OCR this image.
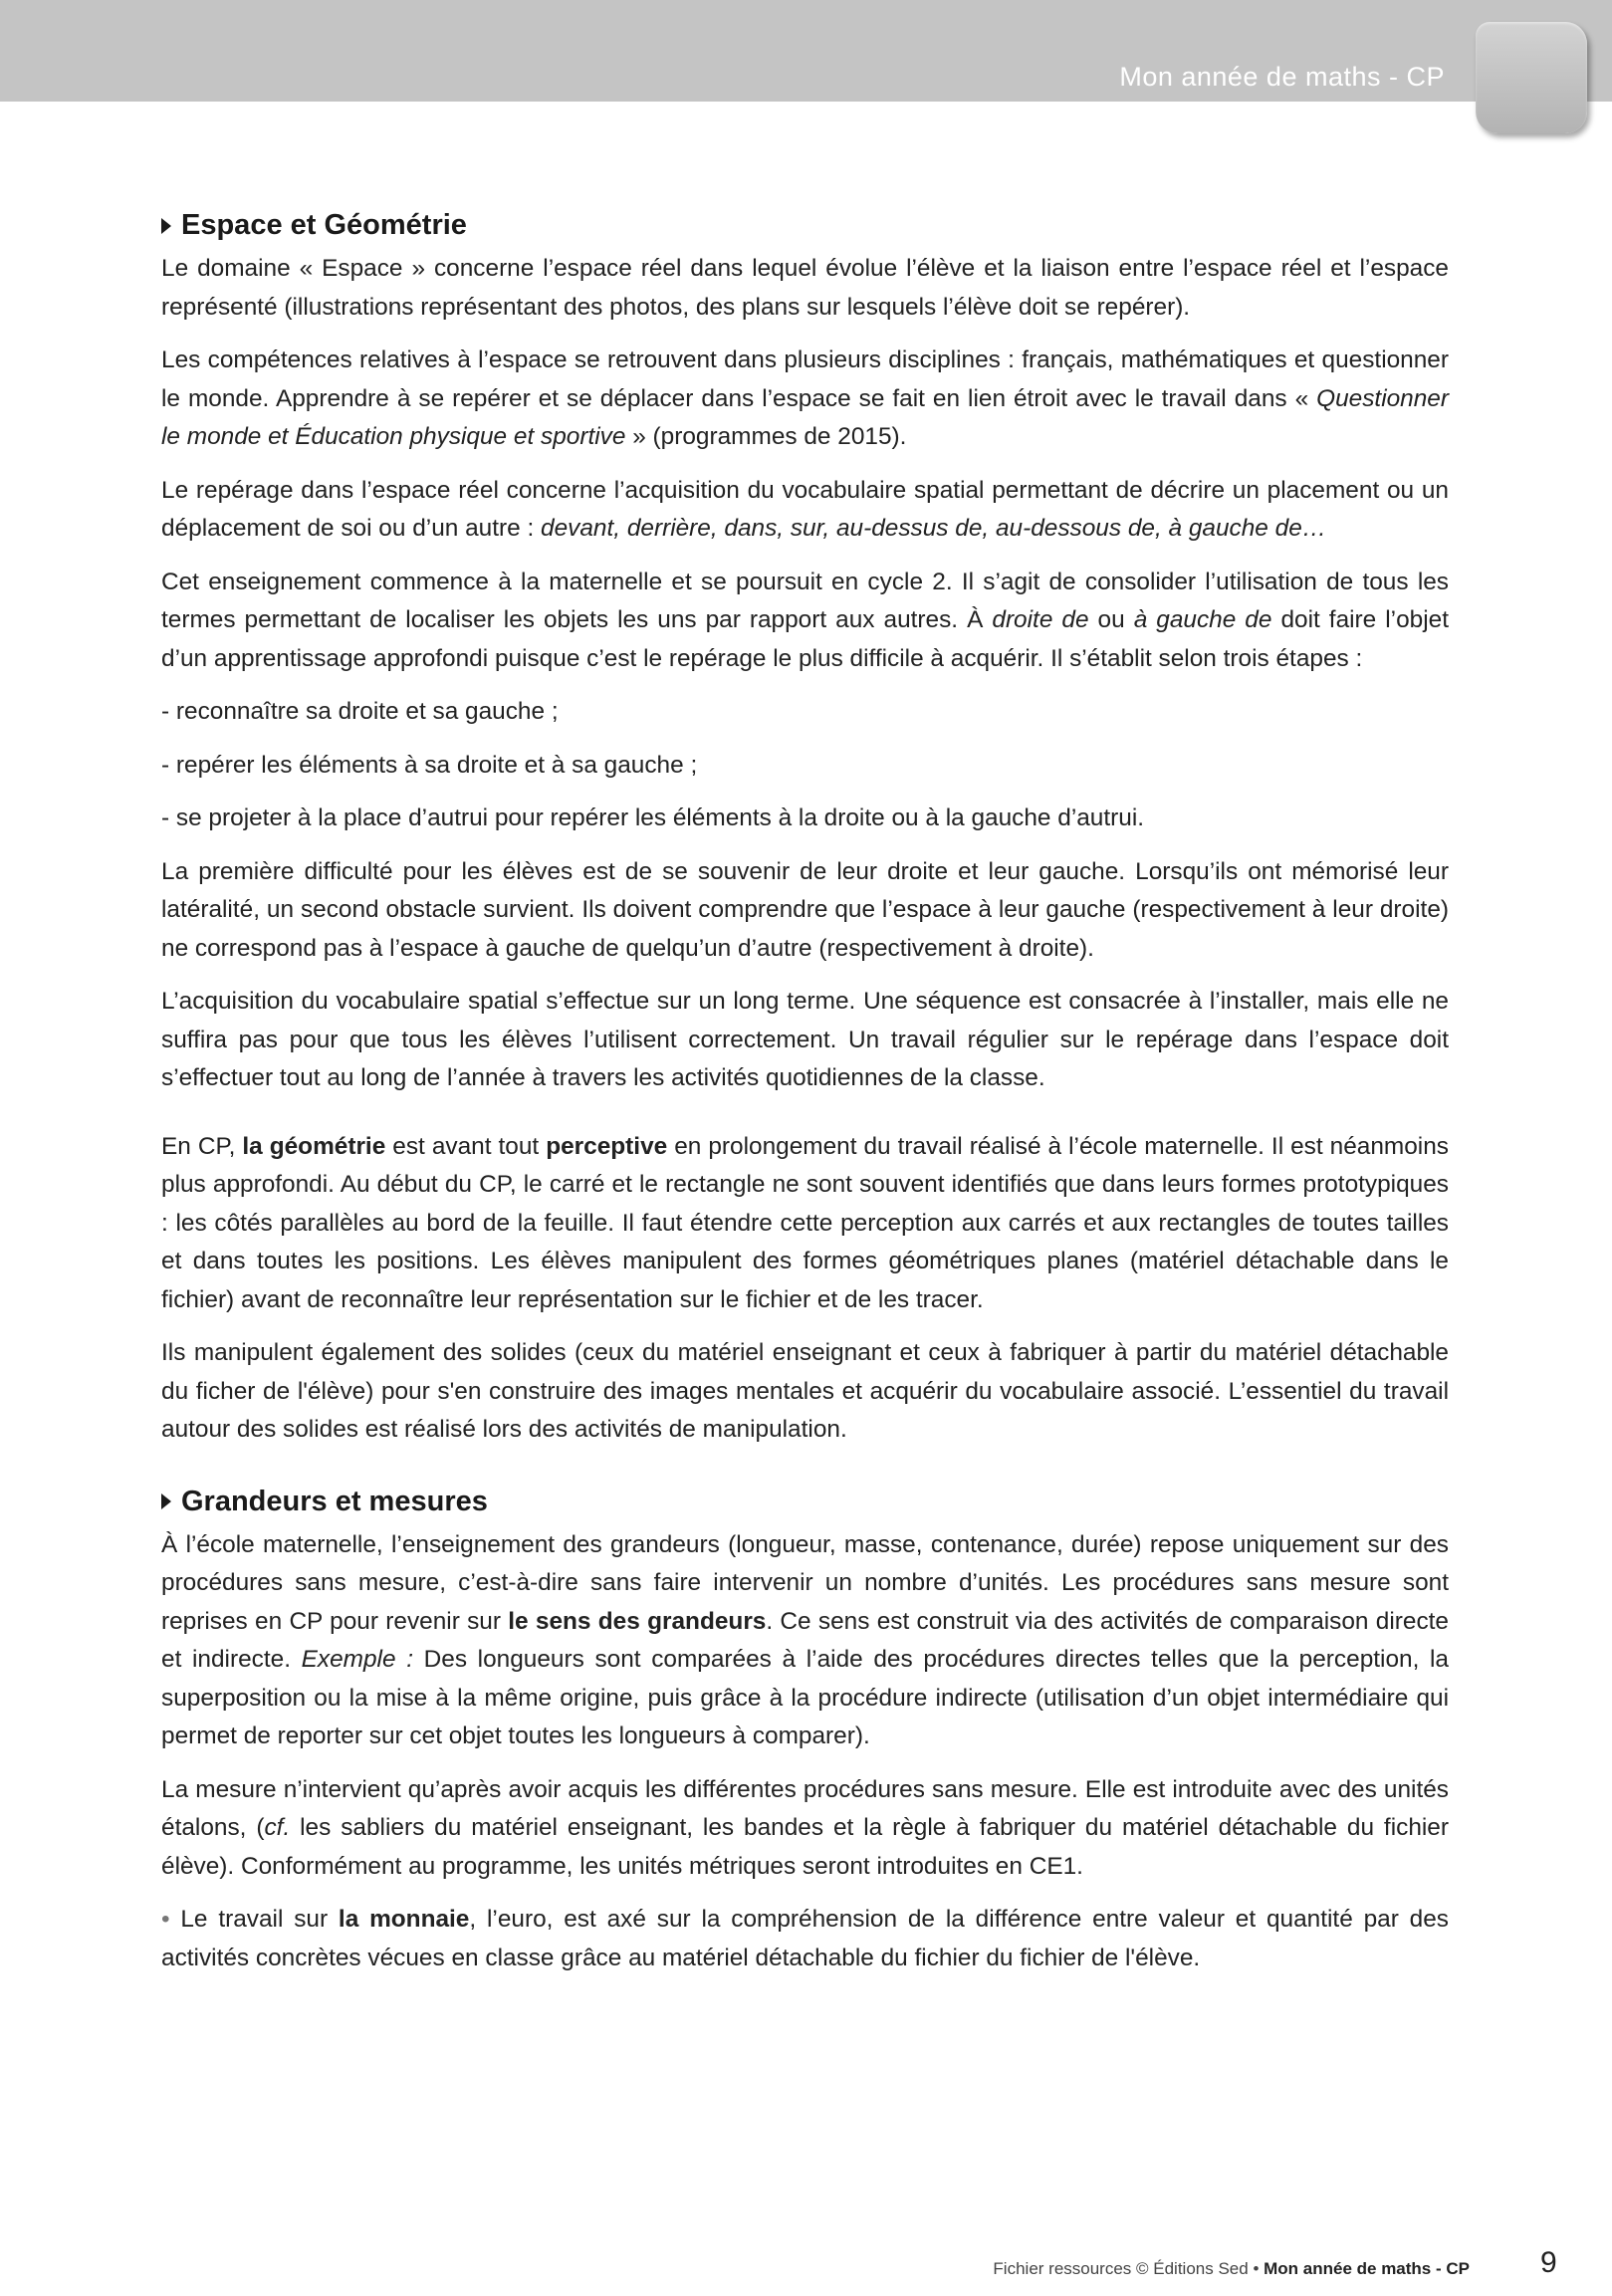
Mon année de maths - CP
Espace et Géométrie

Le domaine « Espace » concerne l’espace réel dans lequel évolue l’élève et la liaison entre l’espace réel et l’espace représenté (illustrations représentant des photos, des plans sur lesquels l’élève doit se repérer).

Les compétences relatives à l’espace se retrouvent dans plusieurs disciplines : français, mathématiques et questionner le monde. Apprendre à se repérer et se déplacer dans l’espace se fait en lien étroit avec le travail dans « Questionner le monde et Éducation physique et sportive » (programmes de 2015).

Le repérage dans l’espace réel concerne l’acquisition du vocabulaire spatial permettant de décrire un placement ou un déplacement de soi ou d’un autre : devant, derrière, dans, sur, au-dessus de, au-dessous de, à gauche de…

Cet enseignement commence à la maternelle et se poursuit en cycle 2. Il s’agit de consolider l’utilisation de tous les termes permettant de localiser les objets les uns par rapport aux autres. À droite de ou à gauche de doit faire l’objet d’un apprentissage approfondi puisque c’est le repérage le plus difficile à acquérir. Il s’établit selon trois étapes :

- reconnaître sa droite et sa gauche ;

- repérer les éléments à sa droite et à sa gauche ;

- se projeter à la place d’autrui pour repérer les éléments à la droite ou à la gauche d’autrui.

La première difficulté pour les élèves est de se souvenir de leur droite et leur gauche. Lorsqu’ils ont mémorisé leur latéralité, un second obstacle survient. Ils doivent comprendre que l’espace à leur gauche (respectivement à leur droite) ne correspond pas à l’espace à gauche de quelqu’un d’autre (respectivement à droite).

L’acquisition du vocabulaire spatial s’effectue sur un long terme. Une séquence est consacrée à l’installer, mais elle ne suffira pas pour que tous les élèves l’utilisent correctement. Un travail régulier sur le repérage dans l’espace doit s’effectuer tout au long de l’année à travers les activités quotidiennes de la classe.

En CP, la géométrie est avant tout perceptive en prolongement du travail réalisé à l’école maternelle. Il est néanmoins plus approfondi. Au début du CP, le carré et le rectangle ne sont souvent identifiés que dans leurs formes prototypiques : les côtés parallèles au bord de la feuille. Il faut étendre cette perception aux carrés et aux rectangles de toutes tailles et dans toutes les positions. Les élèves manipulent des formes géométriques planes (matériel détachable dans le fichier) avant de reconnaître leur représentation sur le fichier et de les tracer.

Ils manipulent également des solides (ceux du matériel enseignant et ceux à fabriquer à partir du matériel détachable du ficher de l'élève) pour s'en construire des images mentales et acquérir du vocabulaire associé. L’essentiel du travail autour des solides est réalisé lors des activités de manipulation.

Grandeurs et mesures

À l’école maternelle, l’enseignement des grandeurs (longueur, masse, contenance, durée) repose uniquement sur des procédures sans mesure, c’est-à-dire sans faire intervenir un nombre d’unités. Les procédures sans mesure sont reprises en CP pour revenir sur le sens des grandeurs. Ce sens est construit via des activités de comparaison directe et indirecte. Exemple : Des longueurs sont comparées à l’aide des procédures directes telles que la perception, la superposition ou la mise à la même origine, puis grâce à la procédure indirecte (utilisation d’un objet intermédiaire qui permet de reporter sur cet objet toutes les longueurs à comparer).

La mesure n’intervient qu’après avoir acquis les différentes procédures sans mesure. Elle est introduite avec des unités étalons, (cf. les sabliers du matériel enseignant, les bandes et la règle à fabriquer du matériel détachable du fichier élève). Conformément au programme, les unités métriques seront introduites en CE1.

• Le travail sur la monnaie, l’euro, est axé sur la compréhension de la différence entre valeur et quantité par des activités concrètes vécues en classe grâce au matériel détachable du fichier du fichier de l'élève.

Fichier ressources © Éditions Sed • Mon année de maths - CP 9
